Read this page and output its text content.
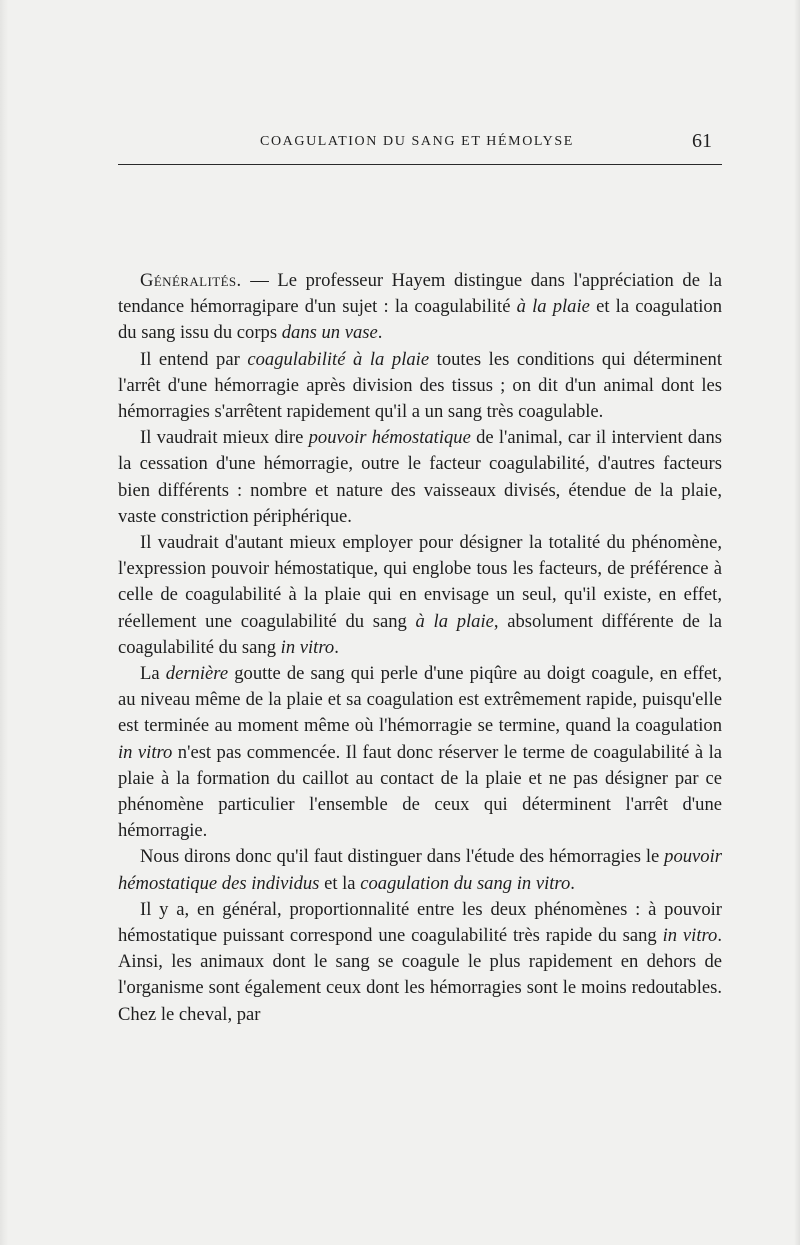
COAGULATION DU SANG ET HÉMOLYSE	61

Généralités. — Le professeur Hayem distingue dans l'appréciation de la tendance hémorragipare d'un sujet : la coagulabilité à la plaie et la coagulation du sang issu du corps dans un vase.

Il entend par coagulabilité à la plaie toutes les conditions qui déterminent l'arrêt d'une hémorragie après division des tissus ; on dit d'un animal dont les hémorragies s'arrêtent rapidement qu'il a un sang très coagulable.

Il vaudrait mieux dire pouvoir hémostatique de l'animal, car il intervient dans la cessation d'une hémorragie, outre le facteur coagulabilité, d'autres facteurs bien différents : nombre et nature des vaisseaux divisés, étendue de la plaie, vaste constriction périphérique.

Il vaudrait d'autant mieux employer pour désigner la totalité du phénomène, l'expression pouvoir hémostatique, qui englobe tous les facteurs, de préférence à celle de coagulabilité à la plaie qui en envisage un seul, qu'il existe, en effet, réellement une coagulabilité du sang à la plaie, absolument différente de la coagulabilité du sang in vitro.

La dernière goutte de sang qui perle d'une piqûre au doigt coagule, en effet, au niveau même de la plaie et sa coagulation est extrêmement rapide, puisqu'elle est terminée au moment même où l'hémorragie se termine, quand la coagulation in vitro n'est pas commencée. Il faut donc réserver le terme de coagulabilité à la plaie à la formation du caillot au contact de la plaie et ne pas désigner par ce phénomène particulier l'ensemble de ceux qui déterminent l'arrêt d'une hémorragie.

Nous dirons donc qu'il faut distinguer dans l'étude des hémorragies le pouvoir hémostatique des individus et la coagulation du sang in vitro.

Il y a, en général, proportionnalité entre les deux phénomènes : à pouvoir hémostatique puissant correspond une coagulabilité très rapide du sang in vitro. Ainsi, les animaux dont le sang se coagule le plus rapidement en dehors de l'organisme sont également ceux dont les hémorragies sont le moins redoutables. Chez le cheval, par
